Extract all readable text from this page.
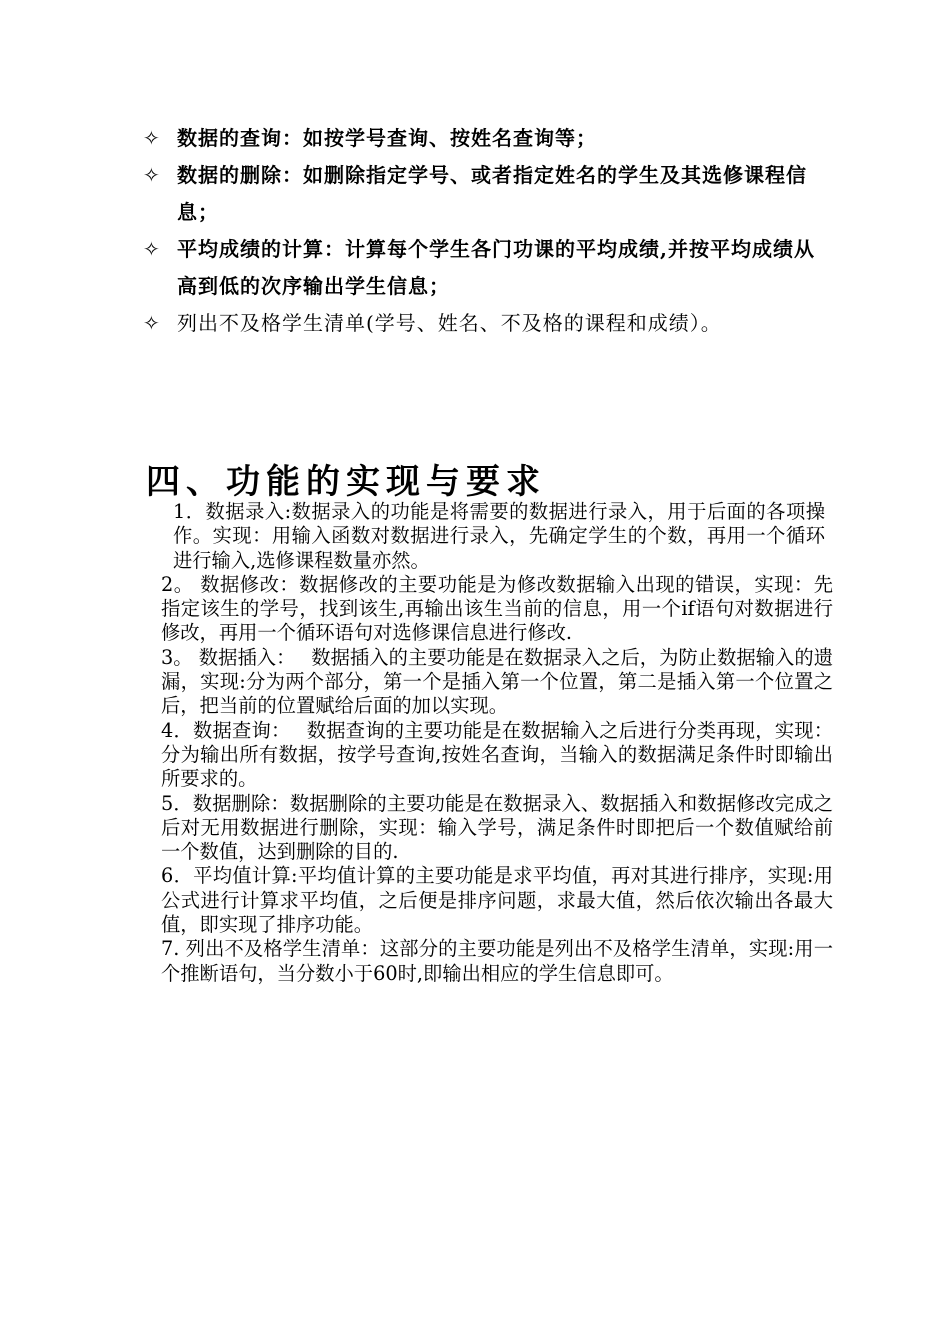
✧ 数据的查询：如按学号查询、按姓名查询等；
✧ 数据的删除：如删除指定学号、或者指定姓名的学生及其选修课程信息；
✧ 平均成绩的计算：计算每个学生各门功课的平均成绩,并按平均成绩从高到低的次序输出学生信息；
✧ 列出不及格学生清单(学号、姓名、不及格的课程和成绩）。
四、功能的实现与要求

1．数据录入:数据录入的功能是将需要的数据进行录入，用于后面的各项操作。实现：用输入函数对数据进行录入，先确定学生的个数，再用一个循环进行输入,选修课程数量亦然。

2。 数据修改：数据修改的主要功能是为修改数据输入出现的错误，实现：先指定该生的学号，找到该生,再输出该生当前的信息，用一个if语句对数据进行修改，再用一个循环语句对选修课信息进行修改.

3。 数据插入：　 数据插入的主要功能是在数据录入之后，为防止数据输入的遗漏，实现:分为两个部分，第一个是插入第一个位置，第二是插入第一个位置之后，把当前的位置赋给后面的加以实现。

4．数据查询：　 数据查询的主要功能是在数据输入之后进行分类再现，实现：分为输出所有数据，按学号查询,按姓名查询，当输入的数据满足条件时即输出所要求的。

5．数据删除：数据删除的主要功能是在数据录入、数据插入和数据修改完成之后对无用数据进行删除，实现：输入学号，满足条件时即把后一个数值赋给前一个数值，达到删除的目的.

6．平均值计算:平均值计算的主要功能是求平均值，再对其进行排序，实现:用公式进行计算求平均值，之后便是排序问题，求最大值，然后依次输出各最大值，即实现了排序功能。

7. 列出不及格学生清单：这部分的主要功能是列出不及格学生清单，实现:用一个推断语句，当分数小于60时,即输出相应的学生信息即可。
